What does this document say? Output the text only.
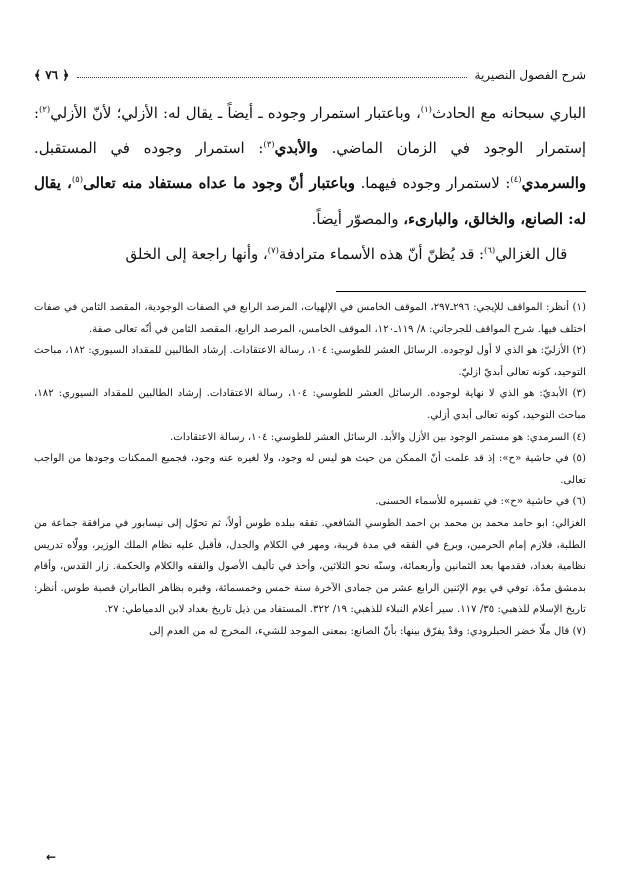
﴾ ٧٦ ﴿	شرح الفصول النصيرية

الباري سبحانه مع الحادث$^{(١)}$، وباعتبار استمرار وجوده ـ أيضاً ـ يقال له: الأزلي؛ لأنّ الأزلي$^{(٢)}$: إستمرار الوجود في الزمان الماضي. والأبدي$^{(٣)}$: استمرار وجوده في المستقبل. والسرمدي$^{(٤)}$: لاستمرار وجوده فيهما. وباعتبار أنّ وجود ما عداه مستفاد منه تعالى$^{(٥)}$، يقال له: الصانع، والخالق، والبارىء، والمصوّر أيضاً.

قال الغزالي$^{(٦)}$: قد يُظنّ أنّ هذه الأسماء مترادفة$^{(٧)}$، وأنها راجعة إلى الخلق

(١) أنظر: المواقف للإيجي: ٢٩٦ـ٢٩٧، الموقف الخامس في الإلهيات، المرصد الرابع في الصفات الوجودية، المقصد الثامن في صفات اختلف فيها. شرح المواقف للجرجاني: ٨/ ١١٩ـ١٢٠، الموقف الخامس، المرصد الرابع، المقصد الثامن في أنّه تعالى صفة.

(٢) الأزليّ: هو الذي لا أول لوجوده. الرسائل العشر للطوسي: ١٠٤، رسالة الاعتقادات. إرشاد الطالبين للمقداد السيوري: ١٨٢، مباحث التوحيد، كونه تعالى أبديّ ازليّ.

(٣) الأبديّ: هو الذي لا نهاية لوجوده. الرسائل العشر للطوسي: ١٠٤، رسالة الاعتقادات. إرشاد الطالبين للمقداد السيوري: ١٨٢، مباحث التوحيد، كونه تعالى أبدي أزلي.

(٤) السرمدي: هو مستمر الوجود بين الأزل والأبد. الرسائل العشر للطوسي: ١٠٤، رسالة الاعتقادات.

(٥) في حاشية «ح»: إذ قد علمت أنّ الممكن من حيث هو ليس له وجود، ولا لغيره عنه وجود، فجميع الممكنات وجودها من الواجب تعالى.

(٦) في حاشية «ح»: في تفسيره للأسماء الحسنى.

الغزالي: ابو حامد محمد بن محمد بن احمد الطوسي الشافعي. تفقه ببلده طوس أولاً، ثم تحوّل إلى نيسابور في مرافقة جماعة من الطلبة، فلازم إمام الحرمين، وبرع في الفقه في مدة قريبة، ومهر في الكلام والجدل، فأقبل عليه نظام الملك الوزير، وولّاه تدريس نظامية بغداد، فقدمها بعد الثمانين وأربعمائة، وسنّه نحو الثلاثين، وأخذ في تأليف الأصول والفقه والكلام والحكمة. زار القدس، وأقام بدمشق مدّة. توفي في يوم الإثنين الرابع عشر من جمادى الآخرة سنة خمس وخمسمائة، وقبره بظاهر الطابران قصبة طوس. أنظر: تاريخ الإسلام للذهبي: ٣٥/ ١١٧. سير أعلام النبلاء للذهبي: ١٩/ ٣٢٢. المستفاد من ذيل تاريخ بغداد لابن الدمياطي: ٢٧.

(٧) قال ملّا خضر الحبلرودي: وقدْ يفرّق بينها: بأنّ الصانع: بمعنى الموجد للشيء، المخرج له من العدم إلى

←
